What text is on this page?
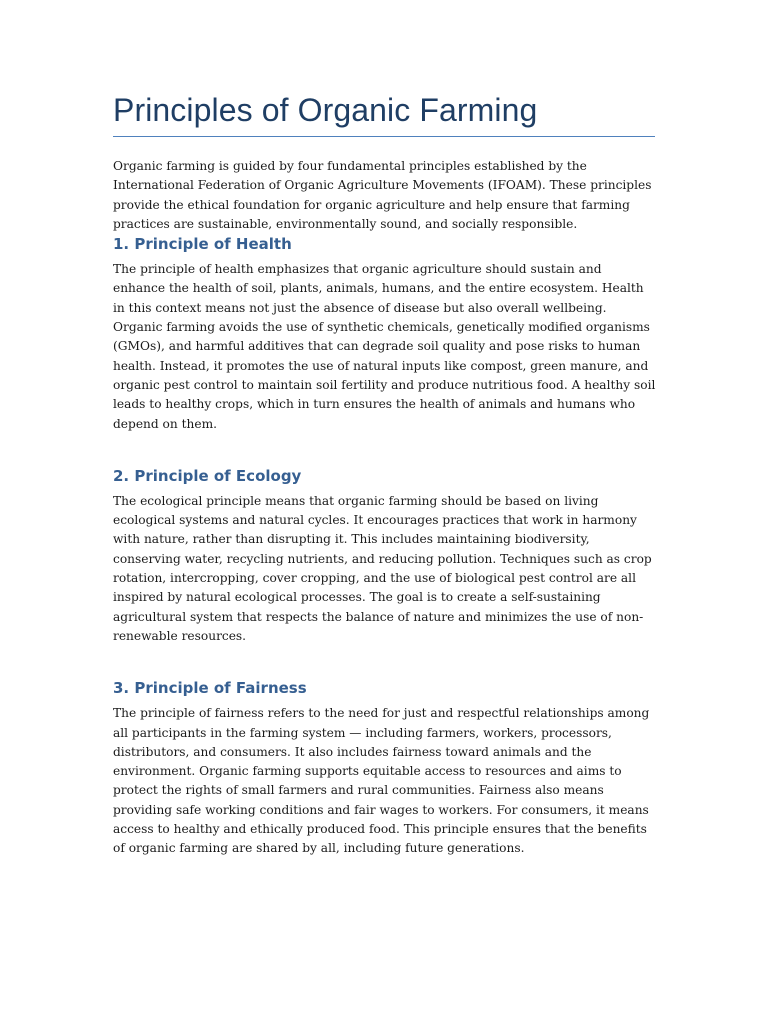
Principles of Organic Farming

Organic farming is guided by four fundamental principles established by the International Federation of Organic Agriculture Movements (IFOAM). These principles provide the ethical foundation for organic agriculture and help ensure that farming practices are sustainable, environmentally sound, and socially responsible.

1. Principle of Health

The principle of health emphasizes that organic agriculture should sustain and enhance the health of soil, plants, animals, humans, and the entire ecosystem. Health in this context means not just the absence of disease but also overall wellbeing. Organic farming avoids the use of synthetic chemicals, genetically modified organisms (GMOs), and harmful additives that can degrade soil quality and pose risks to human health. Instead, it promotes the use of natural inputs like compost, green manure, and organic pest control to maintain soil fertility and produce nutritious food. A healthy soil leads to healthy crops, which in turn ensures the health of animals and humans who depend on them.

2. Principle of Ecology

The ecological principle means that organic farming should be based on living ecological systems and natural cycles. It encourages practices that work in harmony with nature, rather than disrupting it. This includes maintaining biodiversity, conserving water, recycling nutrients, and reducing pollution. Techniques such as crop rotation, intercropping, cover cropping, and the use of biological pest control are all inspired by natural ecological processes. The goal is to create a self-sustaining agricultural system that respects the balance of nature and minimizes the use of non-renewable resources.

3. Principle of Fairness

The principle of fairness refers to the need for just and respectful relationships among all participants in the farming system — including farmers, workers, processors, distributors, and consumers. It also includes fairness toward animals and the environment. Organic farming supports equitable access to resources and aims to protect the rights of small farmers and rural communities. Fairness also means providing safe working conditions and fair wages to workers. For consumers, it means access to healthy and ethically produced food. This principle ensures that the benefits of organic farming are shared by all, including future generations.
